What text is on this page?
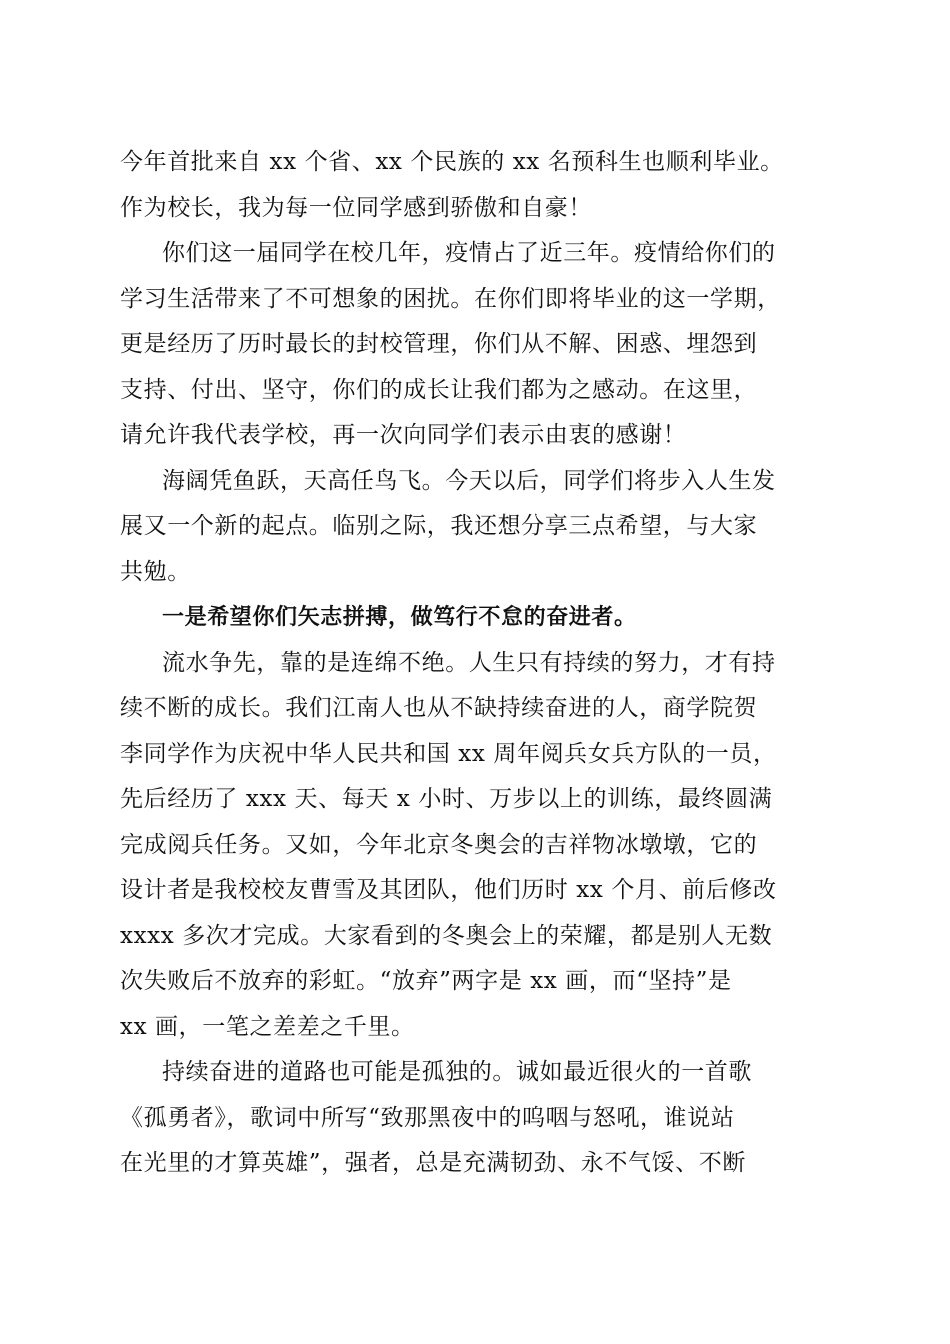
今年首批来自 xx 个省、xx 个民族的 xx 名预科生也顺利毕业。
作为校长，我为每一位同学感到骄傲和自豪！
你们这一届同学在校几年，疫情占了近三年。疫情给你们的
学习生活带来了不可想象的困扰。在你们即将毕业的这一学期，
更是经历了历时最长的封校管理，你们从不解、困惑、埋怨到
支持、付出、坚守，你们的成长让我们都为之感动。在这里，
请允许我代表学校，再一次向同学们表示由衷的感谢！
海阔凭鱼跃，天高任鸟飞。今天以后，同学们将步入人生发
展又一个新的起点。临别之际，我还想分享三点希望，与大家
共勉。
一是希望你们矢志拼搏，做笃行不怠的奋进者。
流水争先，靠的是连绵不绝。人生只有持续的努力，才有持
续不断的成长。我们江南人也从不缺持续奋进的人，商学院贺
李同学作为庆祝中华人民共和国 xx 周年阅兵女兵方队的一员，
先后经历了 xxx 天、每天 x 小时、万步以上的训练，最终圆满
完成阅兵任务。又如，今年北京冬奥会的吉祥物冰墩墩，它的
设计者是我校校友曹雪及其团队，他们历时 xx 个月、前后修改
xxxx 多次才完成。大家看到的冬奥会上的荣耀，都是别人无数
次失败后不放弃的彩虹。“放弃”两字是 xx 画，而“坚持”是
xx 画，一笔之差差之千里。
持续奋进的道路也可能是孤独的。诚如最近很火的一首歌
《孤勇者》，歌词中所写“致那黑夜中的呜咽与怒吼，谁说站
在光里的才算英雄”，强者，总是充满韧劲、永不气馁、不断
